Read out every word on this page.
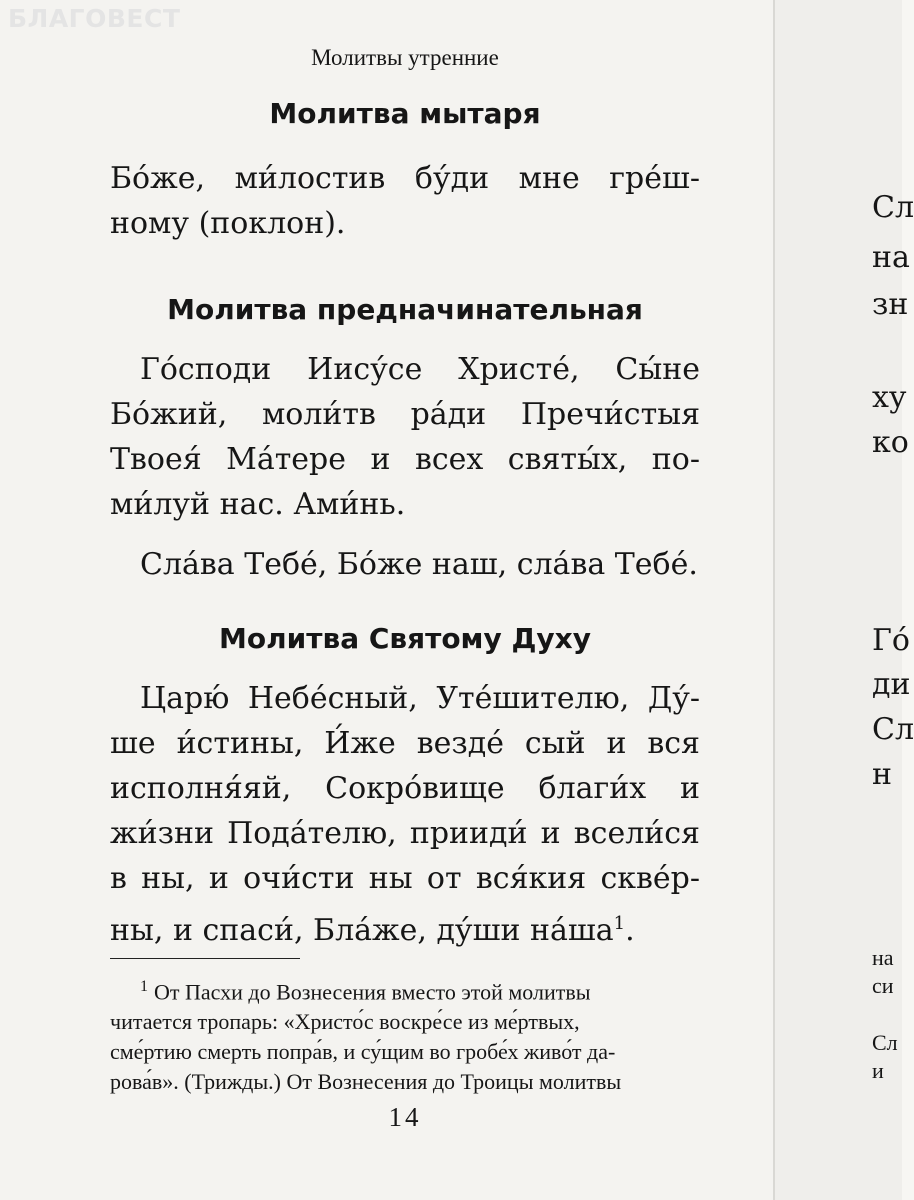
БЛАГОВЕСТ
Молитвы утренние
Молитва мытаря

Бо́же, ми́лостив бу́ди мне гре́ш-
ному (поклон).

Молитва предначинательная

Го́споди Иису́се Христе́, Сы́не
Бо́жий, моли́тв ра́ди Пречи́стыя
Твоея́ Ма́тере и всех святы́х, по-
ми́луй нас. Ами́нь.

Сла́ва Тебе́, Бо́же наш, сла́ва Тебе́.

Молитва Святому Духу

Царю́ Небе́сный, Уте́шителю, Ду́-
ше и́стины, И́же везде́ сый и вся
исполня́яй, Сокро́вище благи́х и
жи́зни Пода́телю, прииди́ и всели́ся
в ны, и очи́сти ны от вся́кия скве́р-
ны, и спаси́, Бла́же, ду́ши $на́ша^1$.

$^1$ От Пасхи до Вознесения вместо этой молитвы
читается тропарь: «Христо́с воскре́се из ме́ртвых,
сме́ртию смерть попра́в, и су́щим во гробе́х живо́т да-
рова́в». (Трижды.) От Вознесения до Троицы молитвы
14
Сл
на
зн
ху
ко
Го́
ди
Сл
н
на
си
Сл
и
